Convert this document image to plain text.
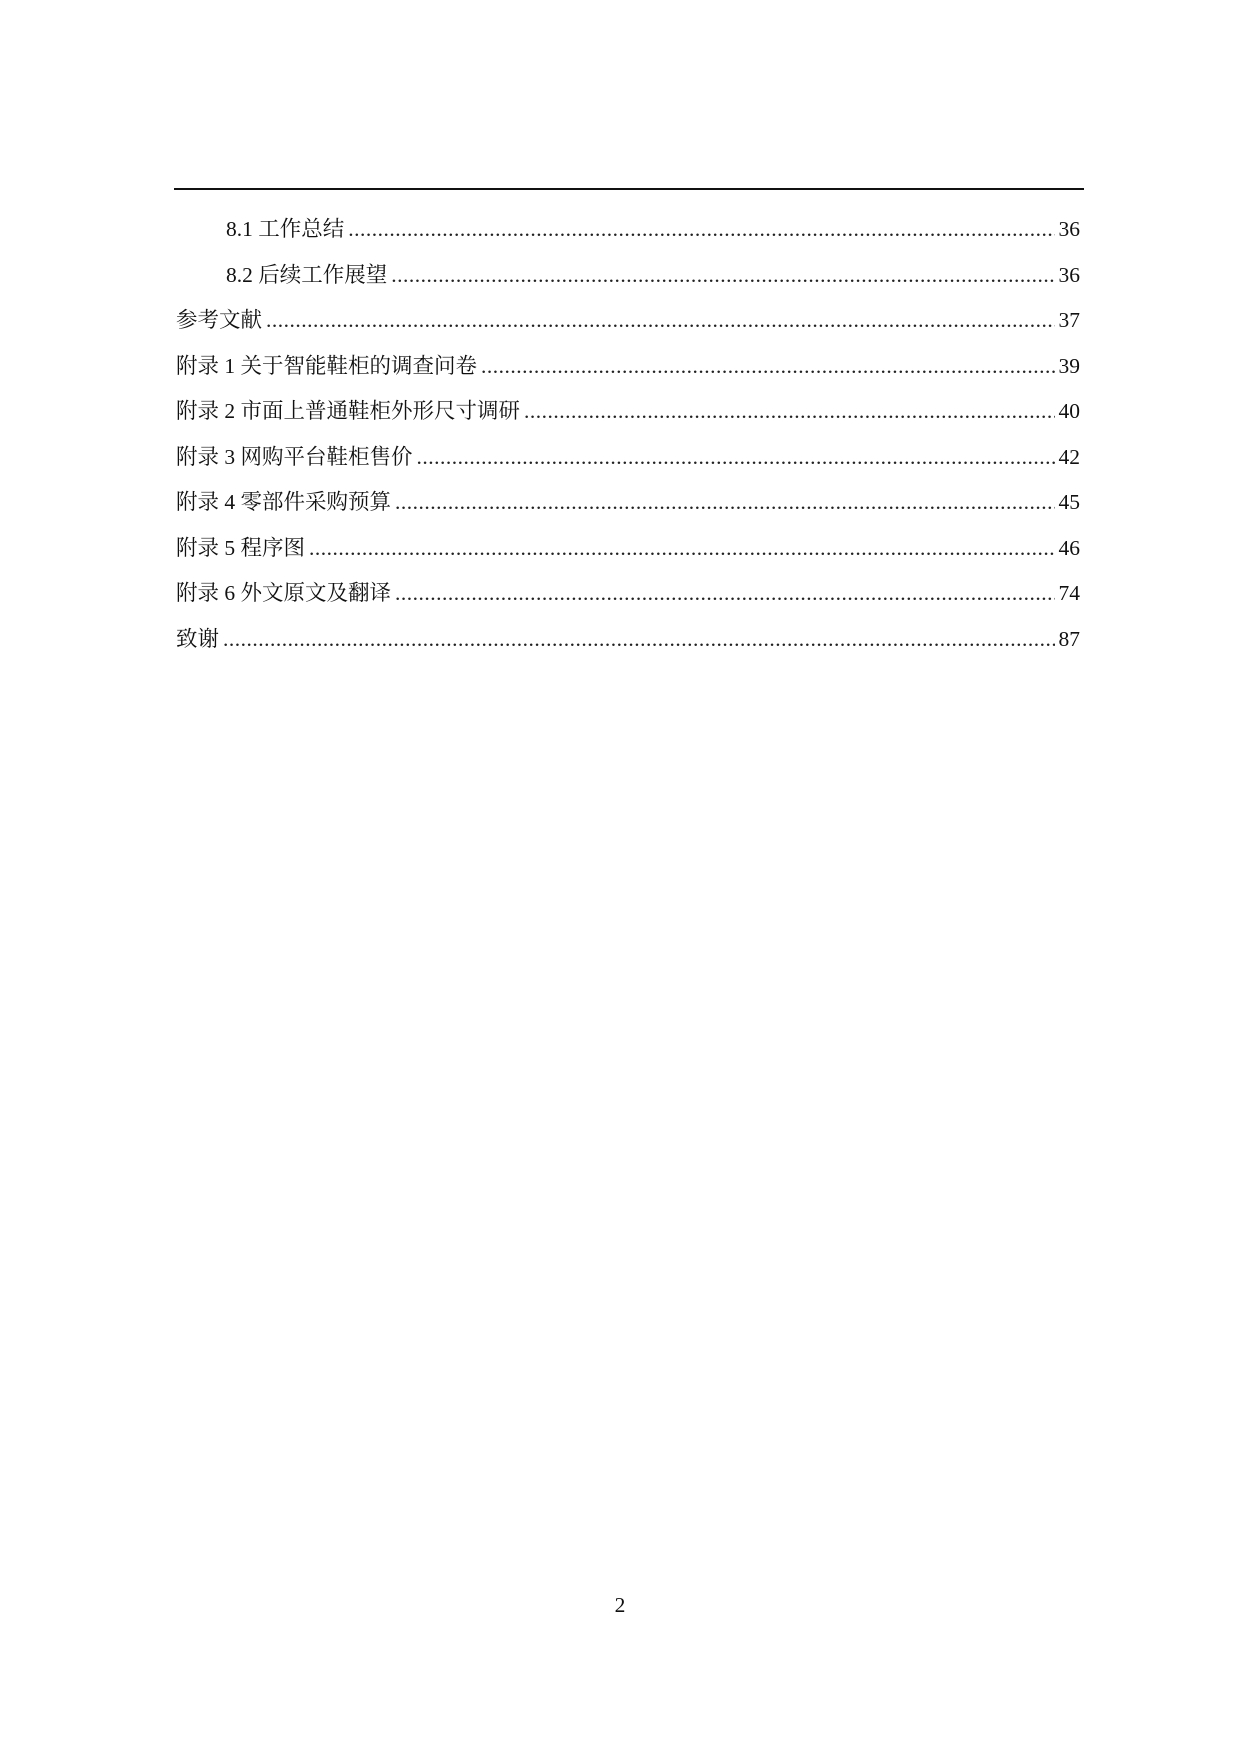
8.1 工作总结 .....	36
8.2 后续工作展望 .....	36
参考文献 .....	37
附录 1 关于智能鞋柜的调查问卷 .....	39
附录 2 市面上普通鞋柜外形尺寸调研 .....	40
附录 3 网购平台鞋柜售价 .....	42
附录 4 零部件采购预算 .....	45
附录 5 程序图 .....	46
附录 6 外文原文及翻译 .....	74
致谢 .....	87
2
